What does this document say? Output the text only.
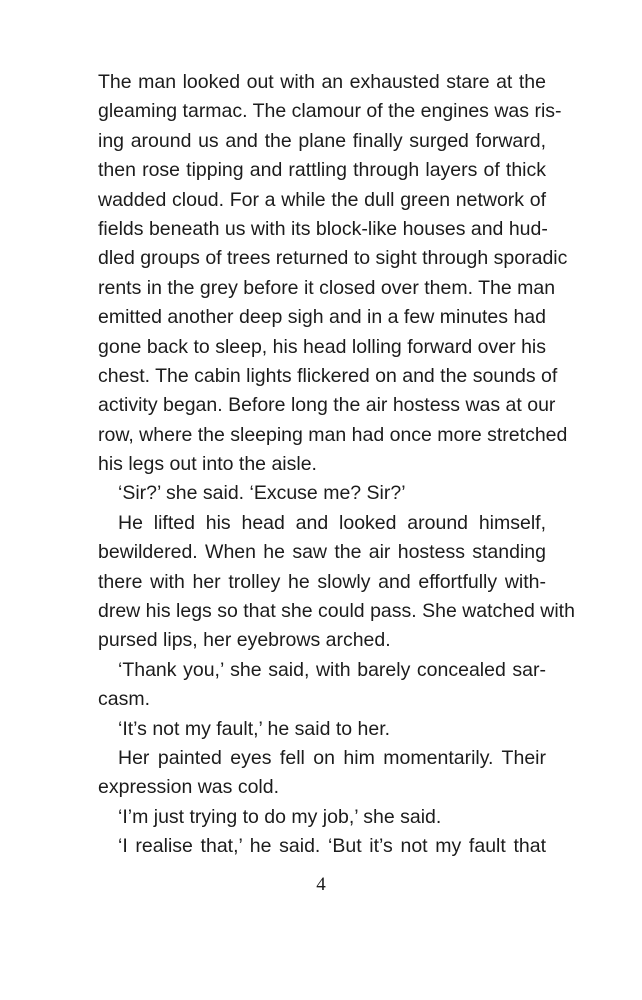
The man looked out with an exhausted stare at the
gleaming tarmac. The clamour of the engines was ris-
ing around us and the plane finally surged forward,
then rose tipping and rattling through layers of thick
wadded cloud. For a while the dull green network of
fields beneath us with its block-like houses and hud-
dled groups of trees returned to sight through sporadic
rents in the grey before it closed over them. The man
emitted another deep sigh and in a few minutes had
gone back to sleep, his head lolling forward over his
chest. The cabin lights flickered on and the sounds of
activity began. Before long the air hostess was at our
row, where the sleeping man had once more stretched
his legs out into the aisle.
‘Sir?’ she said. ‘Excuse me? Sir?’
He lifted his head and looked around himself,
bewildered. When he saw the air hostess standing
there with her trolley he slowly and effortfully with-
drew his legs so that she could pass. She watched with
pursed lips, her eyebrows arched.
‘Thank you,’ she said, with barely concealed sar-
casm.
‘It’s not my fault,’ he said to her.
Her painted eyes fell on him momentarily. Their
expression was cold.
‘I’m just trying to do my job,’ she said.
‘I realise that,’ he said. ‘But it’s not my fault that
4
